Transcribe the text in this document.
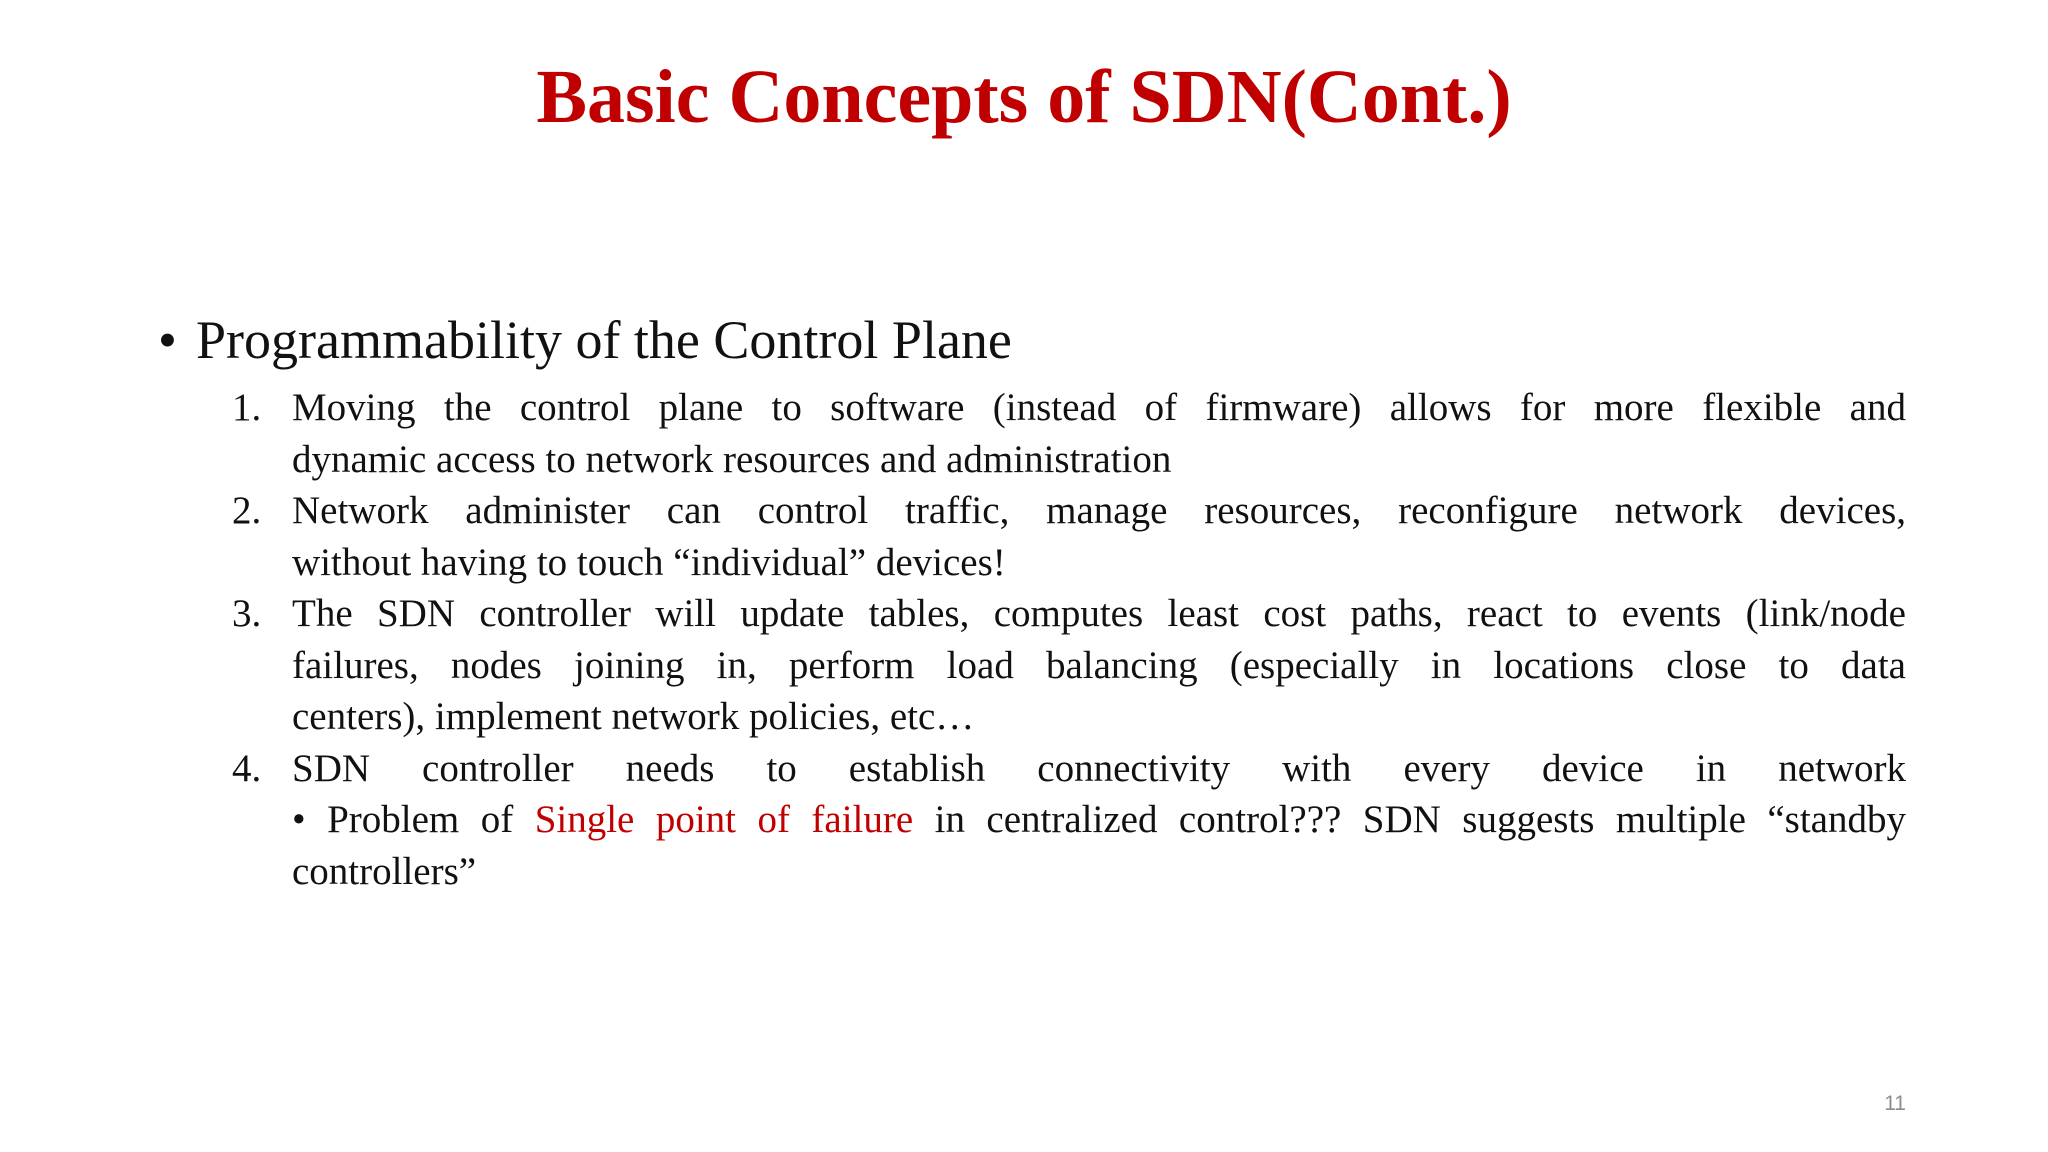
Basic Concepts of SDN(Cont.)
• Programmability of the Control Plane
1. Moving the control plane to software (instead of firmware) allows for more flexible and
dynamic access to network resources and administration
2. Network administer can control traffic, manage resources, reconfigure network devices,
without having to touch “individual” devices!
3. The SDN controller will update tables, computes least cost paths, react to events (link/node
failures, nodes joining in, perform load balancing (especially in locations close to data
centers), implement network policies, etc…
4. SDN controller needs to establish connectivity with every device in network
• Problem of Single point of failure in centralized control??? SDN suggests multiple “standby
controllers”
11
